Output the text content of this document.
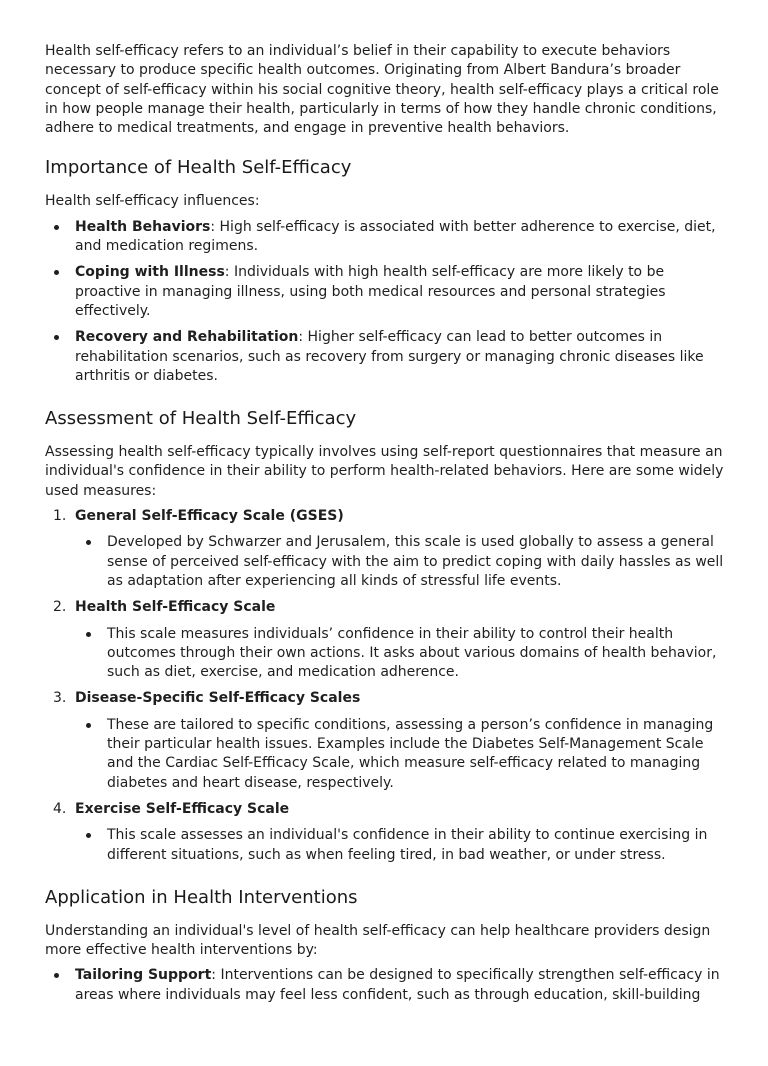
Health self-efficacy refers to an individual’s belief in their capability to execute behaviors necessary to produce specific health outcomes. Originating from Albert Bandura’s broader concept of self-efficacy within his social cognitive theory, health self-efficacy plays a critical role in how people manage their health, particularly in terms of how they handle chronic conditions, adhere to medical treatments, and engage in preventive health behaviors.

Importance of Health Self-Efficacy

Health self-efficacy influences:

Health Behaviors: High self-efficacy is associated with better adherence to exercise, diet, and medication regimens.
Coping with Illness: Individuals with high health self-efficacy are more likely to be proactive in managing illness, using both medical resources and personal strategies effectively.
Recovery and Rehabilitation: Higher self-efficacy can lead to better outcomes in rehabilitation scenarios, such as recovery from surgery or managing chronic diseases like arthritis or diabetes.
Assessment of Health Self-Efficacy

Assessing health self-efficacy typically involves using self-report questionnaires that measure an individual's confidence in their ability to perform health-related behaviors. Here are some widely used measures:

1. General Self-Efficacy Scale (GSES)
Developed by Schwarzer and Jerusalem, this scale is used globally to assess a general sense of perceived self-efficacy with the aim to predict coping with daily hassles as well as adaptation after experiencing all kinds of stressful life events.
2. Health Self-Efficacy Scale
This scale measures individuals’ confidence in their ability to control their health outcomes through their own actions. It asks about various domains of health behavior, such as diet, exercise, and medication adherence.
3. Disease-Specific Self-Efficacy Scales
These are tailored to specific conditions, assessing a person’s confidence in managing their particular health issues. Examples include the Diabetes Self-Management Scale and the Cardiac Self-Efficacy Scale, which measure self-efficacy related to managing diabetes and heart disease, respectively.
4. Exercise Self-Efficacy Scale
This scale assesses an individual's confidence in their ability to continue exercising in different situations, such as when feeling tired, in bad weather, or under stress.
Application in Health Interventions

Understanding an individual's level of health self-efficacy can help healthcare providers design more effective health interventions by:

Tailoring Support: Interventions can be designed to specifically strengthen self-efficacy in areas where individuals may feel less confident, such as through education, skill-building
